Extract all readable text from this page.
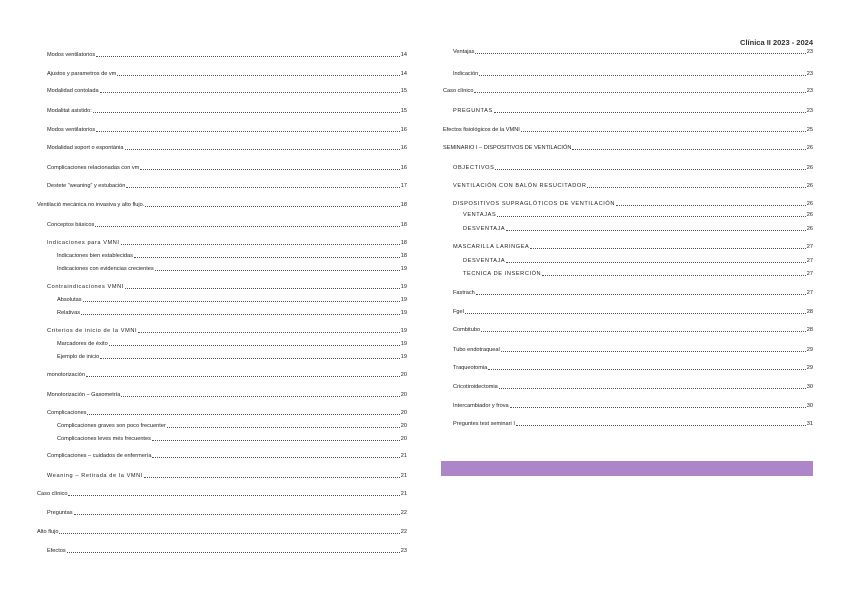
Clínica II 2023 - 2024
Modos ventilatorios	14
Ajustos y parametros de vm	14
Modalidad contolada	15
Modalitat asistido:	15
Modos ventilatorios	16
Modalidad soport o espontània	16
Complicaciones relacionadas con vm	16
Destete “weaning” y estubación	17
Ventilació mecánica no invasiva y alto flujo.	18
Conceptos básicos	18
Indicaciones para VMNI	18
Indicaciones bien establecidas	18
Indicaciones con evidencias crecientes	19
Contraindicaciones VMNI	19
Absolutas	19
Relativas	19
Criterios de inicio de la VMNI	19
Marcadores de éxito	19
Ejemplo de inicio	19
monotorización	20
Monotorización – Gasometría	20
Complicaciones	20
Complicaciones graves son poco frecuenter	20
Complicaciones leves més frecuentes	20
Complicaciones – cuidados de enfermería	21
Weaning – Retirada de la VMNI	21
Caso clínico	21
Preguntas	22
Alto flujo	22
Efectos	23
Ventajas	23
Indicación	23
Caso clínico	23
PREGUNTAS	23
Efectos fisiológicos de la VMNI	25
SEMINARIO I – DISPOSITIVOS DE VENTILACIÓN	26
OBJECTIVOS	26
VENTILACIÓN CON BALÓN RESUCITADOR	26
DISPOSITIVOS SUPRAGLÓTICOS DE VENTILACIÓN	26
VENTAJAS	26
DESVENTAJA	26
MASCARILLA LARINGEA	27
DESVENTAJA	27
TECNICA DE INSERCIÓN	27
Fastrach	27
Fgel	28
Combitubo	28
Tubo endotraqueal	29
Traqueotomia	29
Cricotiroidectomia	30
Intercambiador y frova	30
Preguntes test seminari I	31
